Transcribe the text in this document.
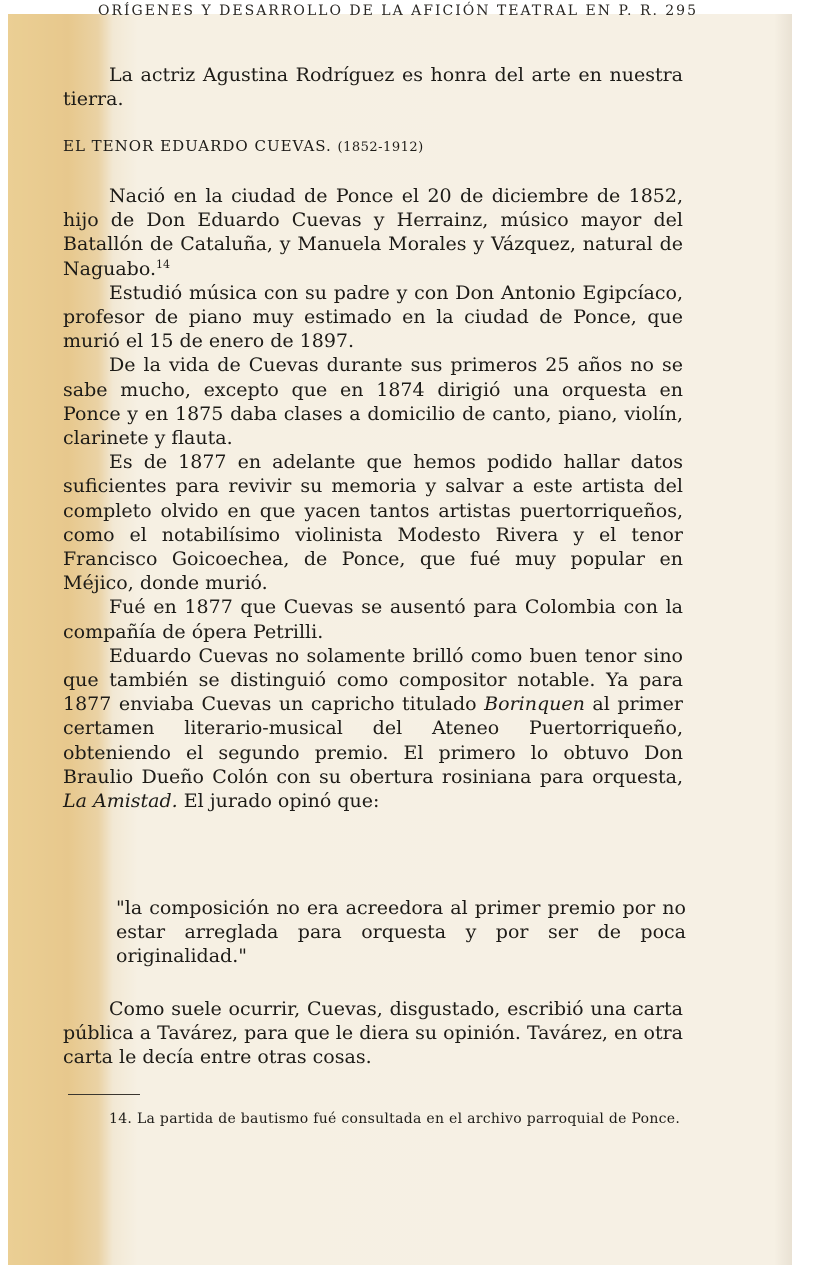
ORÍGENES Y DESARROLLO DE LA AFICIÓN TEATRAL EN P. R. 295

La actriz Agustina Rodríguez es honra del arte en nuestra tierra.

EL TENOR EDUARDO CUEVAS. (1852-1912)

Nació en la ciudad de Ponce el 20 de diciembre de 1852, hijo de Don Eduardo Cuevas y Herrainz, músico mayor del Batallón de Cataluña, y Manuela Morales y Vázquez, natural de Naguabo.$^{14}$

Estudió música con su padre y con Don Antonio Egipcíaco, profesor de piano muy estimado en la ciudad de Ponce, que murió el 15 de enero de 1897.

De la vida de Cuevas durante sus primeros 25 años no se sabe mucho, excepto que en 1874 dirigió una orquesta en Ponce y en 1875 daba clases a domicilio de canto, piano, violín, clarinete y flauta.

Es de 1877 en adelante que hemos podido hallar datos suficientes para revivir su memoria y salvar a este artista del completo olvido en que yacen tantos artistas puertorriqueños, como el notabilísimo violinista Modesto Rivera y el tenor Francisco Goicoechea, de Ponce, que fué muy popular en Méjico, donde murió.

Fué en 1877 que Cuevas se ausentó para Colombia con la compañía de ópera Petrilli.

Eduardo Cuevas no solamente brilló como buen tenor sino que también se distinguió como compositor notable. Ya para 1877 enviaba Cuevas un capricho titulado Borinquen al primer certamen literario-musical del Ateneo Puertorriqueño, obteniendo el segundo premio. El primero lo obtuvo Don Braulio Dueño Colón con su obertura rosiniana para orquesta, La Amistad. El jurado opinó que:

"la composición no era acreedora al primer premio por no estar arreglada para orquesta y por ser de poca originalidad."

Como suele ocurrir, Cuevas, disgustado, escribió una carta pública a Tavárez, para que le diera su opinión. Tavárez, en otra carta le decía entre otras cosas.

14. La partida de bautismo fué consultada en el archivo parroquial de Ponce.
